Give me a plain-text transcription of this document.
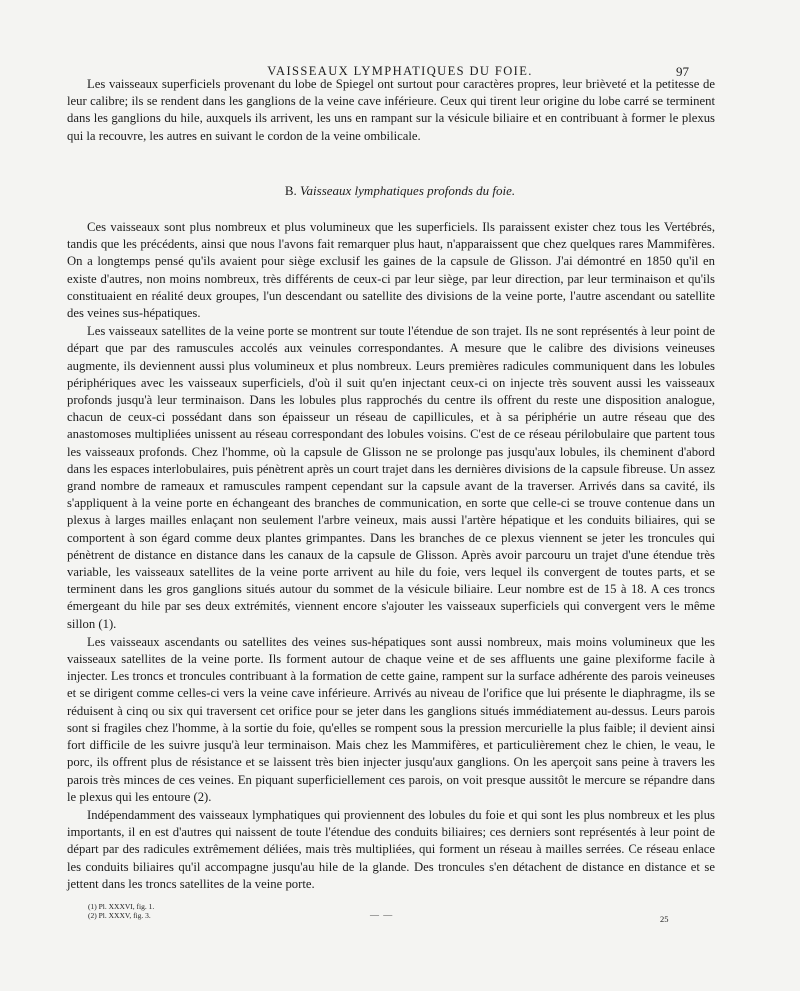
VAISSEAUX LYMPHATIQUES DU FOIE.	97

Les vaisseaux superficiels provenant du lobe de Spiegel ont surtout pour caractères propres, leur brièveté et la petitesse de leur calibre; ils se rendent dans les ganglions de la veine cave inférieure. Ceux qui tirent leur origine du lobe carré se terminent dans les ganglions du hile, auxquels ils arrivent, les uns en rampant sur la vésicule biliaire et en contribuant à former le plexus qui la recouvre, les autres en suivant le cordon de la veine ombilicale.

B. Vaisseaux lymphatiques profonds du foie.

Ces vaisseaux sont plus nombreux et plus volumineux que les superficiels. Ils paraissent exister chez tous les Vertébrés, tandis que les précédents, ainsi que nous l'avons fait remarquer plus haut, n'apparaissent que chez quelques rares Mammifères. On a longtemps pensé qu'ils avaient pour siège exclusif les gaines de la capsule de Glisson. J'ai démontré en 1850 qu'il en existe d'autres, non moins nombreux, très différents de ceux-ci par leur siège, par leur direction, par leur terminaison et qu'ils constituaient en réalité deux groupes, l'un descendant ou satellite des divisions de la veine porte, l'autre ascendant ou satellite des veines sus-hépatiques.

Les vaisseaux satellites de la veine porte se montrent sur toute l'étendue de son trajet. Ils ne sont représentés à leur point de départ que par des ramuscules accolés aux veinules correspondantes. A mesure que le calibre des divisions veineuses augmente, ils deviennent aussi plus volumineux et plus nombreux. Leurs premières radicules communiquent dans les lobules périphériques avec les vaisseaux superficiels, d'où il suit qu'en injectant ceux-ci on injecte très souvent aussi les vaisseaux profonds jusqu'à leur terminaison. Dans les lobules plus rapprochés du centre ils offrent du reste une disposition analogue, chacun de ceux-ci possédant dans son épaisseur un réseau de capillicules, et à sa périphérie un autre réseau que des anastomoses multipliées unissent au réseau correspondant des lobules voisins. C'est de ce réseau périlobulaire que partent tous les vaisseaux profonds. Chez l'homme, où la capsule de Glisson ne se prolonge pas jusqu'aux lobules, ils cheminent d'abord dans les espaces interlobulaires, puis pénètrent après un court trajet dans les dernières divisions de la capsule fibreuse. Un assez grand nombre de rameaux et ramuscules rampent cependant sur la capsule avant de la traverser. Arrivés dans sa cavité, ils s'appliquent à la veine porte en échangeant des branches de communication, en sorte que celle-ci se trouve contenue dans un plexus à larges mailles enlaçant non seulement l'arbre veineux, mais aussi l'artère hépatique et les conduits biliaires, qui se comportent à son égard comme deux plantes grimpantes. Dans les branches de ce plexus viennent se jeter les troncules qui pénètrent de distance en distance dans les canaux de la capsule de Glisson. Après avoir parcouru un trajet d'une étendue très variable, les vaisseaux satellites de la veine porte arrivent au hile du foie, vers lequel ils convergent de toutes parts, et se terminent dans les gros ganglions situés autour du sommet de la vésicule biliaire. Leur nombre est de 15 à 18. A ces troncs émergeant du hile par ses deux extrémités, viennent encore s'ajouter les vaisseaux superficiels qui convergent vers le même sillon (1).

Les vaisseaux ascendants ou satellites des veines sus-hépatiques sont aussi nombreux, mais moins volumineux que les vaisseaux satellites de la veine porte. Ils forment autour de chaque veine et de ses affluents une gaine plexiforme facile à injecter. Les troncs et troncules contribuant à la formation de cette gaine, rampent sur la surface adhérente des parois veineuses et se dirigent comme celles-ci vers la veine cave inférieure. Arrivés au niveau de l'orifice que lui présente le diaphragme, ils se réduisent à cinq ou six qui traversent cet orifice pour se jeter dans les ganglions situés immédiatement au-dessus. Leurs parois sont si fragiles chez l'homme, à la sortie du foie, qu'elles se rompent sous la pression mercurielle la plus faible; il devient ainsi fort difficile de les suivre jusqu'à leur terminaison. Mais chez les Mammifères, et particulièrement chez le chien, le veau, le porc, ils offrent plus de résistance et se laissent très bien injecter jusqu'aux ganglions. On les aperçoit sans peine à travers les parois très minces de ces veines. En piquant superficiellement ces parois, on voit presque aussitôt le mercure se répandre dans le plexus qui les entoure (2).

Indépendamment des vaisseaux lymphatiques qui proviennent des lobules du foie et qui sont les plus nombreux et les plus importants, il en est d'autres qui naissent de toute l'étendue des conduits biliaires; ces derniers sont représentés à leur point de départ par des radicules extrêmement déliées, mais très multipliées, qui forment un réseau à mailles serrées. Ce réseau enlace les conduits biliaires qu'il accompagne jusqu'au hile de la glande. Des troncules s'en détachent de distance en distance et se jettent dans les troncs satellites de la veine porte.

(1) Pl. XXXVI, fig. 1.
(2) Pl. XXXV, fig. 3.	— —	25
